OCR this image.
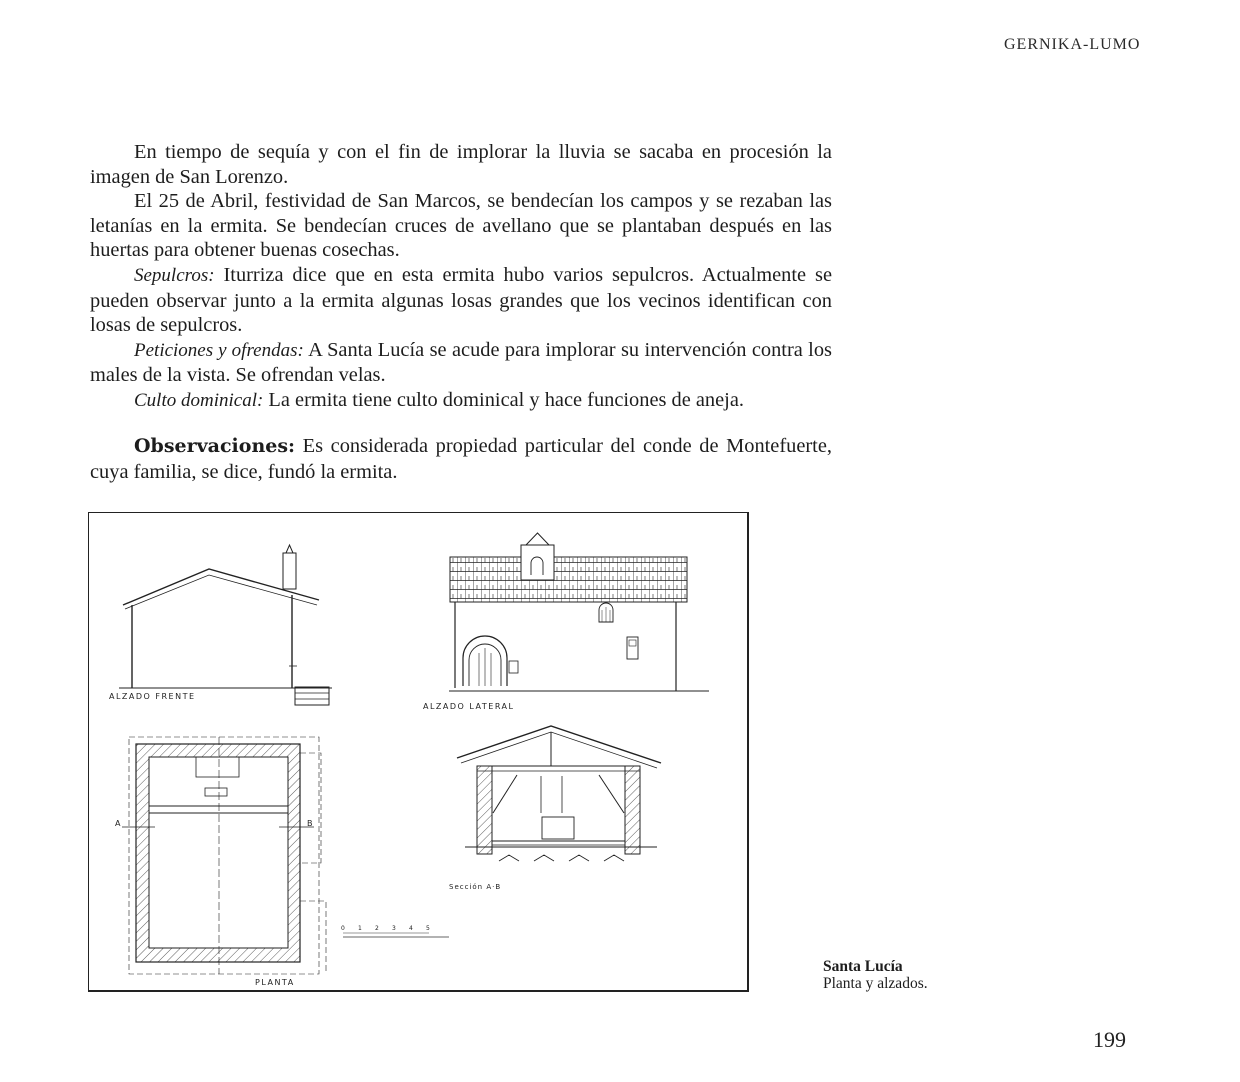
GERNIKA-LUMO

En tiempo de sequía y con el fin de implorar la lluvia se sacaba en procesión la imagen de San Lorenzo.

El 25 de Abril, festividad de San Marcos, se bendecían los campos y se rezaban las letanías en la ermita. Se bendecían cruces de avellano que se plantaban después en las huertas para obtener buenas cosechas.

Sepulcros: Iturriza dice que en esta ermita hubo varios sepulcros. Actualmente se pueden observar junto a la ermita algunas losas grandes que los vecinos identifican con losas de sepulcros.

Peticiones y ofrendas: A Santa Lucía se acude para implorar su intervención contra los males de la vista. Se ofrendan velas.

Culto dominical: La ermita tiene culto dominical y hace funciones de aneja.

Observaciones: Es considerada propiedad particular del conde de Montefuerte, cuya familia, se dice, fundó la ermita.

ALZADO FRENTE
ALZADO LATERAL
A	B
PLANTA
0 1 2 3 4 5
Sección A·B
Santa Lucía
Planta y alzados.
199
